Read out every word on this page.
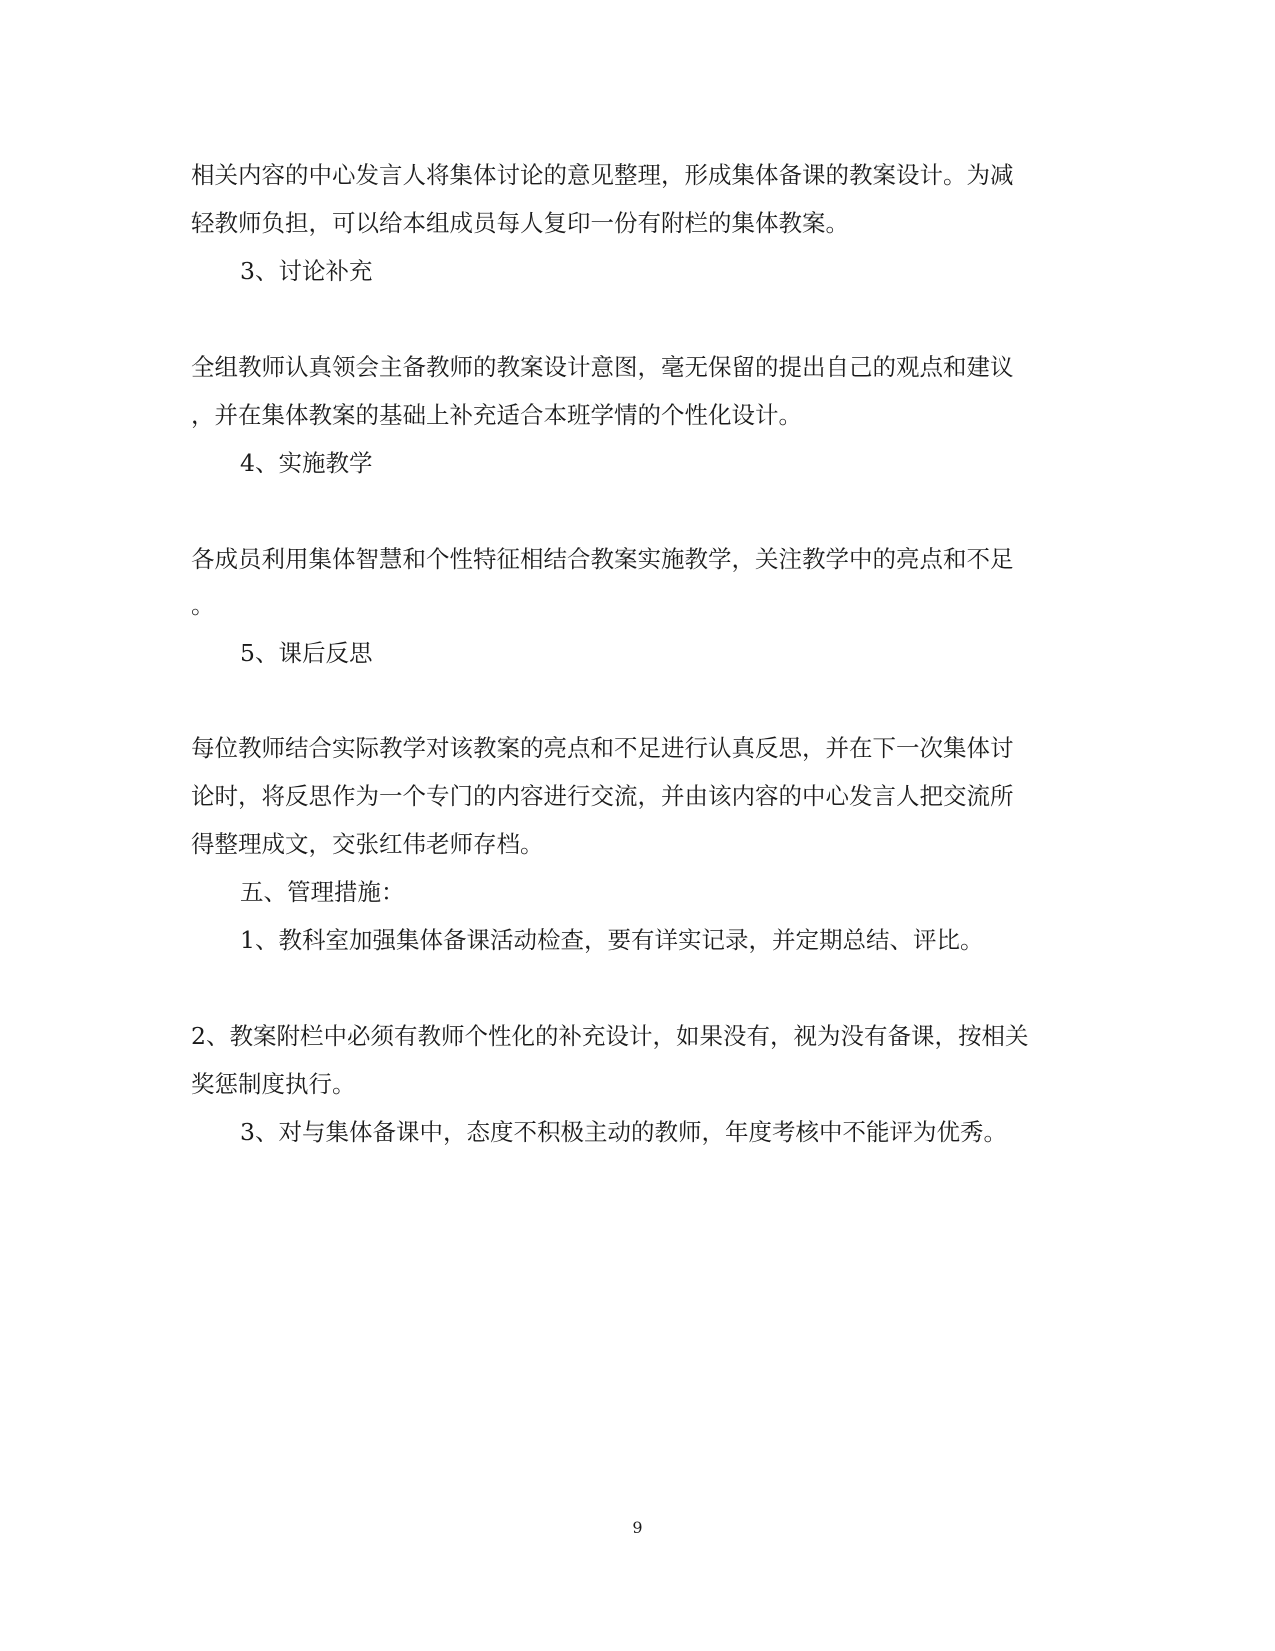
相关内容的中心发言人将集体讨论的意见整理，形成集体备课的教案设计。为减
轻教师负担，可以给本组成员每人复印一份有附栏的集体教案。
3、讨论补充
全组教师认真领会主备教师的教案设计意图，毫无保留的提出自己的观点和建议
，并在集体教案的基础上补充适合本班学情的个性化设计。
4、实施教学
各成员利用集体智慧和个性特征相结合教案实施教学，关注教学中的亮点和不足
。
5、课后反思
每位教师结合实际教学对该教案的亮点和不足进行认真反思，并在下一次集体讨
论时，将反思作为一个专门的内容进行交流，并由该内容的中心发言人把交流所
得整理成文，交张红伟老师存档。
五、管理措施：
1、教科室加强集体备课活动检查，要有详实记录，并定期总结、评比。
2、教案附栏中必须有教师个性化的补充设计，如果没有，视为没有备课，按相关
奖惩制度执行。
3、对与集体备课中，态度不积极主动的教师，年度考核中不能评为优秀。
9
